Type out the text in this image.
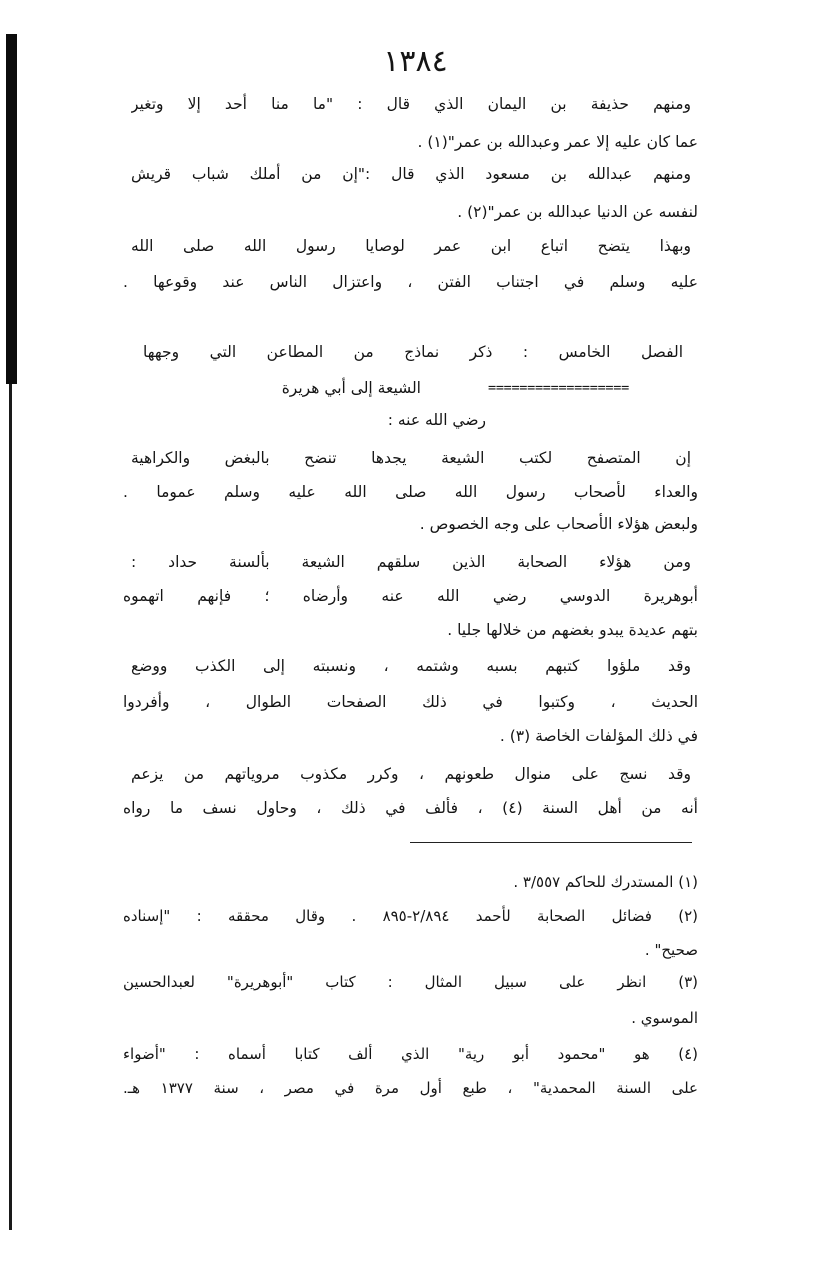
١٣٨٤
ومنهم حذيفة بن اليمان الذي قال : "ما منا أحد إلا وتغير
عما كان عليه إلا عمر وعبدالله بن عمر"(١) .
ومنهم عبدالله بن مسعود الذي قال :"إن من أملك شباب قريش
لنفسه عن الدنيا عبدالله بن عمر"(٢) .
وبهذا يتضح اتباع ابن عمر لوصايا رسول الله صلى الله
عليه وسلم في اجتناب الفتن ، واعتزال الناس عند وقوعها .
الفصل الخامس : ذكر نماذج من المطاعن التي وجهها
الشيعة إلى أبي هريرة	==================
رضي الله عنه :
إن المتصفح لكتب الشيعة يجدها تنضح بالبغض والكراهية
والعداء لأصحاب رسول الله صلى الله عليه وسلم عموما .
ولبعض هؤلاء الأصحاب على وجه الخصوص .
ومن هؤلاء الصحابة الذين سلقهم الشيعة بألسنة حداد :
أبوهريرة الدوسي رضي الله عنه وأرضاه ؛ فإنهم اتهموه
بتهم عديدة يبدو بغضهم من خلالها جليا .
وقد ملؤوا كتبهم بسبه وشتمه ، ونسبته إلى الكذب ووضع
الحديث ، وكتبوا في ذلك الصفحات الطوال ، وأفردوا
في ذلك المؤلفات الخاصة (٣) .
وقد نسج على منوال طعونهم ، وكرر مكذوب مروياتهم من يزعم
أنه من أهل السنة (٤) ، فألف في ذلك ، وحاول نسف ما رواه
(١) المستدرك للحاكم ٣/٥٥٧ .
(٢) فضائل الصحابة لأحمد ٢/٨٩٤-٨٩٥ . وقال محققه : "إسناده
صحيح" .
(٣) انظر على سبيل المثال : كتاب "أبوهريرة" لعبدالحسين
الموسوي .
(٤) هو "محمود أبو رية" الذي ألف كتابا أسماه : "أضواء
على السنة المحمدية" ، طبع أول مرة في مصر ، سنة ١٣٧٧ هـ.
